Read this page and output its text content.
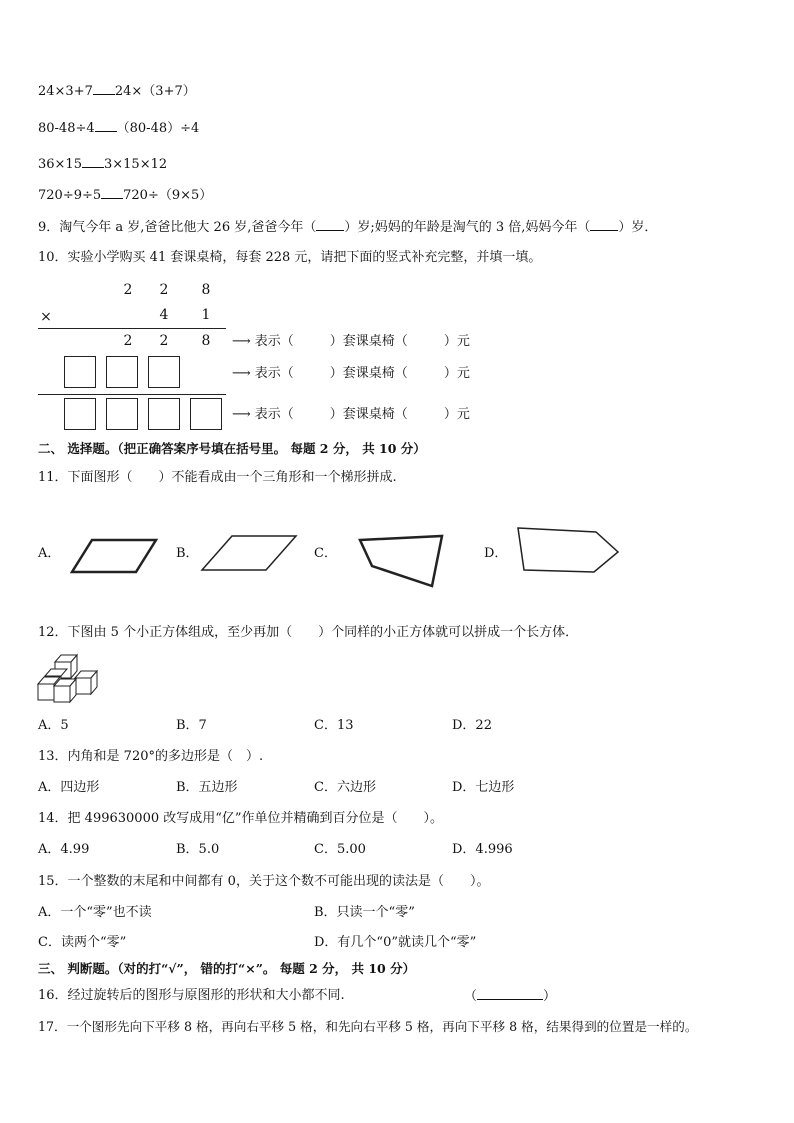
24×3+7 24×（3+7）
80-48÷4 （80-48）÷4
36×15 3×15×12
720÷9÷5 720÷（9×5）
9．淘气今年 a 岁,爸爸比他大 26 岁,爸爸今年（ ）岁;妈妈的年龄是淘气的 3 倍,妈妈今年（ ）岁．
10．实验小学购买 41 套课桌椅，每套 228 元，请把下面的竖式补充完整，并填一填。
2 2 8
×	4 1
2 2 8 ⟶ 表示（	）套课桌椅（	）元
⟶ 表示（	）套课桌椅（	）元
⟶ 表示（	）套课桌椅（	）元
二、 选择题。（把正确答案序号填在括号里。 每题 2 分， 共 10 分）
11．下面图形（　　）不能看成由一个三角形和一个梯形拼成.
A．	B．	C．	D．
12．下图由 5 个小正方体组成，至少再加（　　）个同样的小正方体就可以拼成一个长方体．
A．5	B．7	C．13	D．22
13．内角和是 720°的多边形是（　）.
A．四边形	B．五边形	C．六边形	D．七边形
14．把 499630000 改写成用“亿”作单位并精确到百分位是（　　）。
A．4.99	B．5.0	C．5.00	D．4.996
15．一个整数的末尾和中间都有 0，关于这个数不可能出现的读法是（　　）。
A．一个“零”也不读	B．只读一个“零”
C．读两个“零”	D．有几个“0”就读几个“零”
三、 判断题。（对的打“√”， 错的打“×”。 每题 2 分， 共 10 分）
16．经过旋转后的图形与原图形的形状和大小都不同.	（	）
17．一个图形先向下平移 8 格，再向右平移 5 格，和先向右平移 5 格，再向下平移 8 格，结果得到的位置是一样的。
